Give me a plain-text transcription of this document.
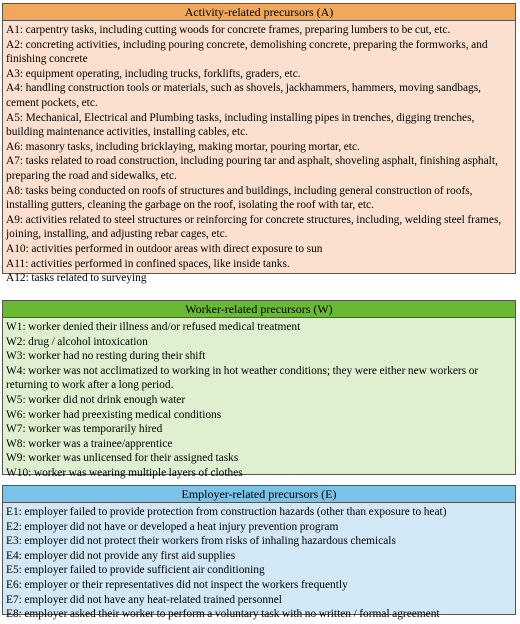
Activity-related precursors (A)
A1: carpentry tasks, including cutting woods for concrete frames, preparing lumbers to be cut, etc.
A2: concreting activities, including pouring concrete, demolishing concrete, preparing the formworks, and finishing concrete
A3: equipment operating, including trucks, forklifts, graders, etc.
A4: handling construction tools or materials, such as shovels, jackhammers, hammers, moving sandbags, cement pockets, etc.
A5: Mechanical, Electrical and Plumbing tasks, including installing pipes in trenches, digging trenches, building maintenance activities, installing cables, etc.
A6: masonry tasks, including bricklaying, making mortar, pouring mortar, etc.
A7: tasks related to road construction, including pouring tar and asphalt, shoveling asphalt, finishing asphalt, preparing the road and sidewalks, etc.
A8: tasks being conducted on roofs of structures and buildings, including general construction of roofs, installing gutters, cleaning the garbage on the roof, isolating the roof with tar, etc.
A9: activities related to steel structures or reinforcing for concrete structures, including, welding steel frames, joining, installing, and adjusting rebar cages, etc.
A10: activities performed in outdoor areas with direct exposure to sun
A11: activities performed in confined spaces, like inside tanks.
A12: tasks related to surveying
Worker-related precursors (W)
W1: worker denied their illness and/or refused medical treatment
W2: drug / alcohol intoxication
W3: worker had no resting during their shift
W4: worker was not acclimatized to working in hot weather conditions; they were either new workers or returning to work after a long period.
W5: worker did not drink enough water
W6: worker had preexisting medical conditions
W7: worker was temporarily hired
W8: worker was a trainee/apprentice
W9: worker was unlicensed for their assigned tasks
W10: worker was wearing multiple layers of clothes
Employer-related precursors (E)
E1: employer failed to provide protection from construction hazards (other than exposure to heat)
E2: employer did not have or developed a heat injury prevention program
E3: employer did not protect their workers from risks of inhaling hazardous chemicals
E4: employer did not provide any first aid supplies
E5: employer failed to provide sufficient air conditioning
E6: employer or their representatives did not inspect the workers frequently
E7: employer did not have any heat-related trained personnel
E8: employer asked their worker to perform a voluntary task with no written / formal agreement
